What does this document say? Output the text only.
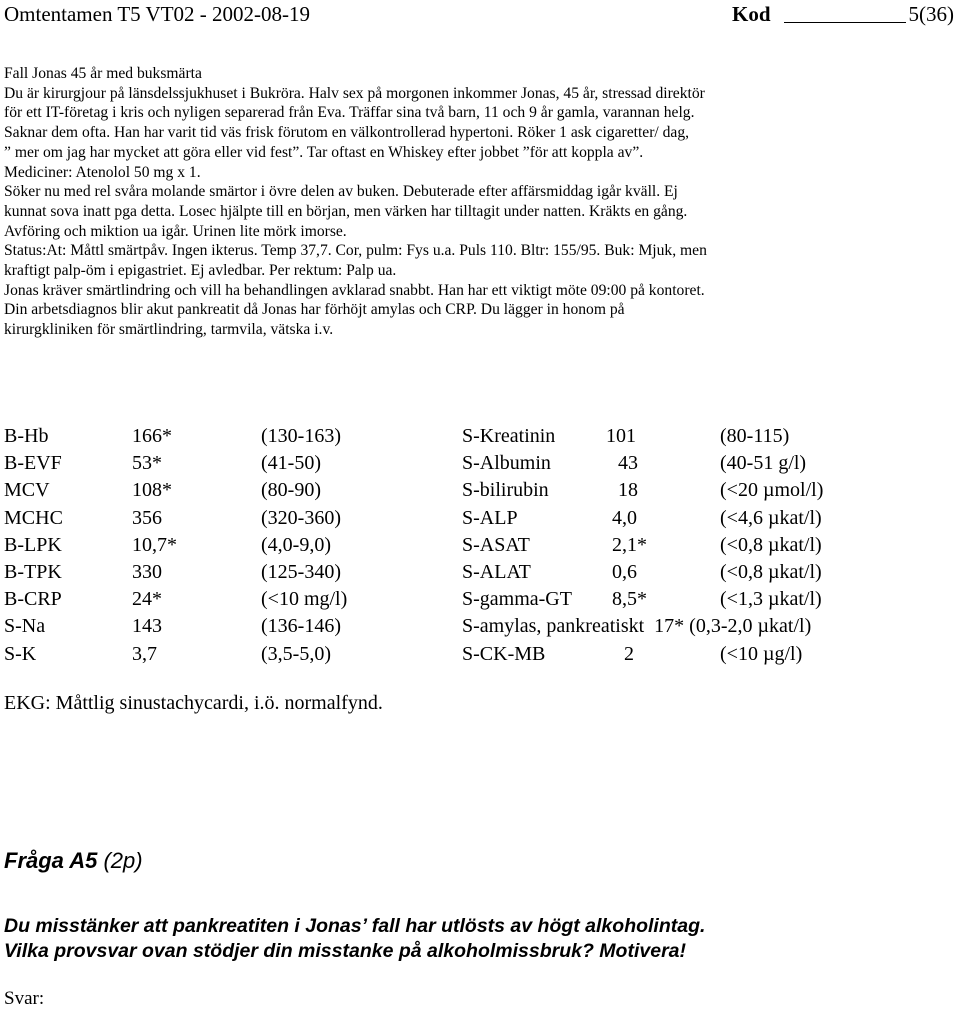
Omtentamen T5 VT02 - 2002-08-19	Kod	5(36)
Fall Jonas 45 år med buksmärta
Du är kirurgjour på länsdelssjukhuset i Bukröra. Halv sex på morgonen inkommer Jonas, 45 år, stressad direktör
för ett IT-företag i kris och nyligen separerad från Eva. Träffar sina två barn, 11 och 9 år gamla, varannan helg.
Saknar dem ofta. Han har varit tid väs frisk förutom en välkontrollerad hypertoni. Röker 1 ask cigaretter/ dag,
” mer om jag har mycket att göra eller vid fest”. Tar oftast en Whiskey efter jobbet ”för att koppla av”.
Mediciner: Atenolol 50 mg x 1.
Söker nu med rel svåra molande smärtor i övre delen av buken. Debuterade efter affärsmiddag igår kväll. Ej
kunnat sova inatt pga detta. Losec hjälpte till en början, men värken har tilltagit under natten. Kräkts en gång.
Avföring och miktion ua igår. Urinen lite mörk imorse.
Status:At: Måttl smärtpåv. Ingen ikterus. Temp 37,7. Cor, pulm: Fys u.a. Puls 110. Bltr: 155/95. Buk: Mjuk, men
kraftigt palp-öm i epigastriet. Ej avledbar. Per rektum: Palp ua.
Jonas kräver smärtlindring och vill ha behandlingen avklarad snabbt. Han har ett viktigt möte 09:00 på kontoret.
Din arbetsdiagnos blir akut pankreatit då Jonas har förhöjt amylas och CRP. Du lägger in honom på
kirurgkliniken för smärtlindring, tarmvila, vätska i.v.
B-Hb	166*	(130-163)
B-EVF	53*	(41-50)
MCV	108*	(80-90)
MCHC	356	(320-360)
B-LPK	10,7*	(4,0-9,0)
B-TPK	330	(125-340)
B-CRP	24*	(<10 mg/l)
S-Na	143	(136-146)
S-K	3,7	(3,5-5,0)
S-Kreatinin	101	(80-115)
S-Albumin	43	(40-51 g/l)
S-bilirubin	18	(<20 µmol/l)
S-ALP	4,0	(<4,6 µkat/l)
S-ASAT	2,1*	(<0,8 µkat/l)
S-ALAT	0,6	(<0,8 µkat/l)
S-gamma-GT 8,5*	(<1,3 µkat/l)
S-amylas, pankreatiskt  17* (0,3-2,0 µkat/l)
S-CK-MB	2	(<10 µg/l)
EKG: Måttlig sinustachycardi, i.ö. normalfynd.
Fråga A5 (2p)
Du misstänker att pankreatiten i Jonas’ fall har utlösts av högt alkoholintag.
Vilka provsvar ovan stödjer din misstanke på alkoholmissbruk? Motivera!
Svar:
